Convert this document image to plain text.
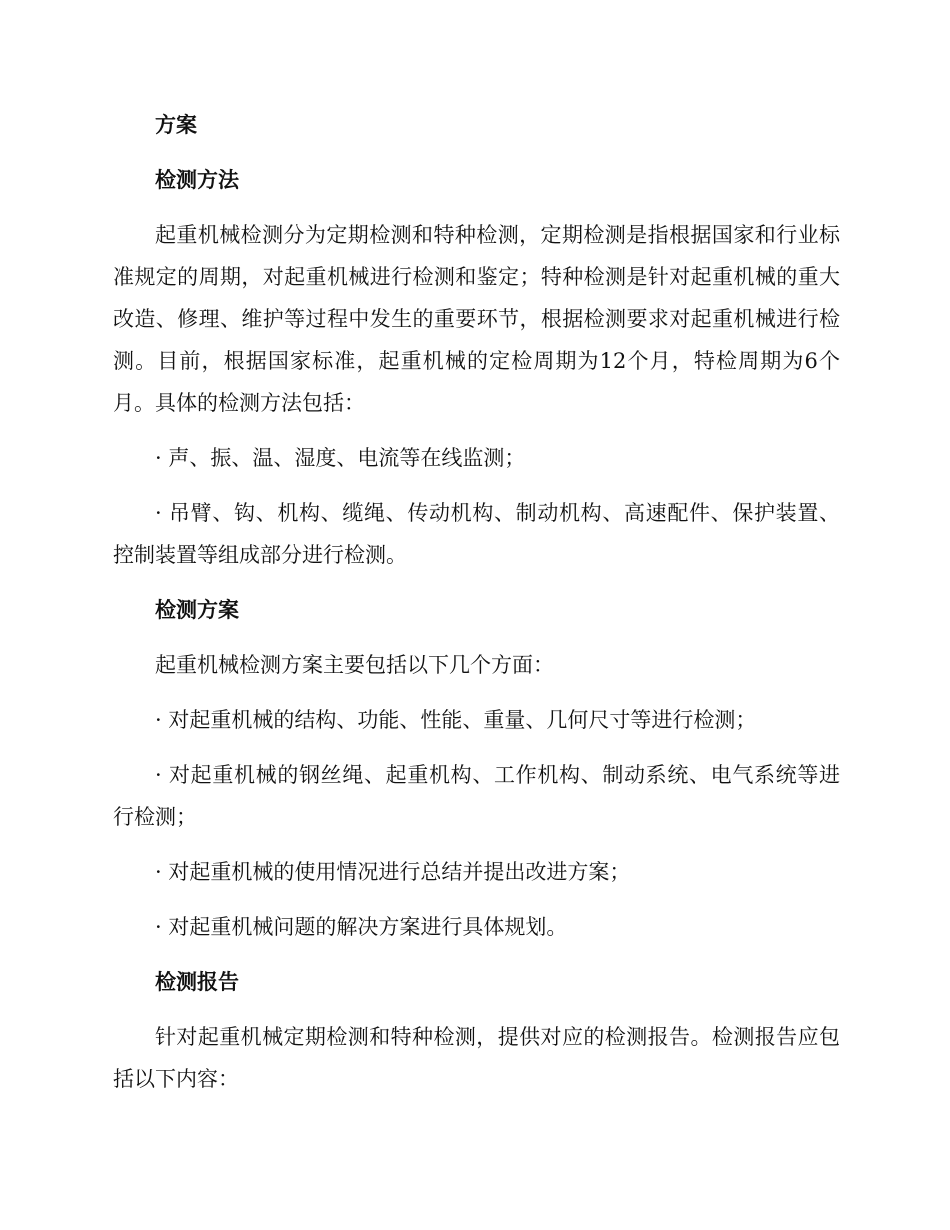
方案
检测方法
起重机械检测分为定期检测和特种检测，定期检测是指根据国家和行业标准规定的周期，对起重机械进行检测和鉴定；特种检测是针对起重机械的重大改造、修理、维护等过程中发生的重要环节，根据检测要求对起重机械进行检测。目前，根据国家标准，起重机械的定检周期为12个月，特检周期为6个月。具体的检测方法包括：
· 声、振、温、湿度、电流等在线监测；
· 吊臂、钩、机构、缆绳、传动机构、制动机构、高速配件、保护装置、控制装置等组成部分进行检测。
检测方案
起重机械检测方案主要包括以下几个方面：
· 对起重机械的结构、功能、性能、重量、几何尺寸等进行检测；
· 对起重机械的钢丝绳、起重机构、工作机构、制动系统、电气系统等进行检测；
· 对起重机械的使用情况进行总结并提出改进方案；
· 对起重机械问题的解决方案进行具体规划。
检测报告
针对起重机械定期检测和特种检测，提供对应的检测报告。检测报告应包括以下内容：
